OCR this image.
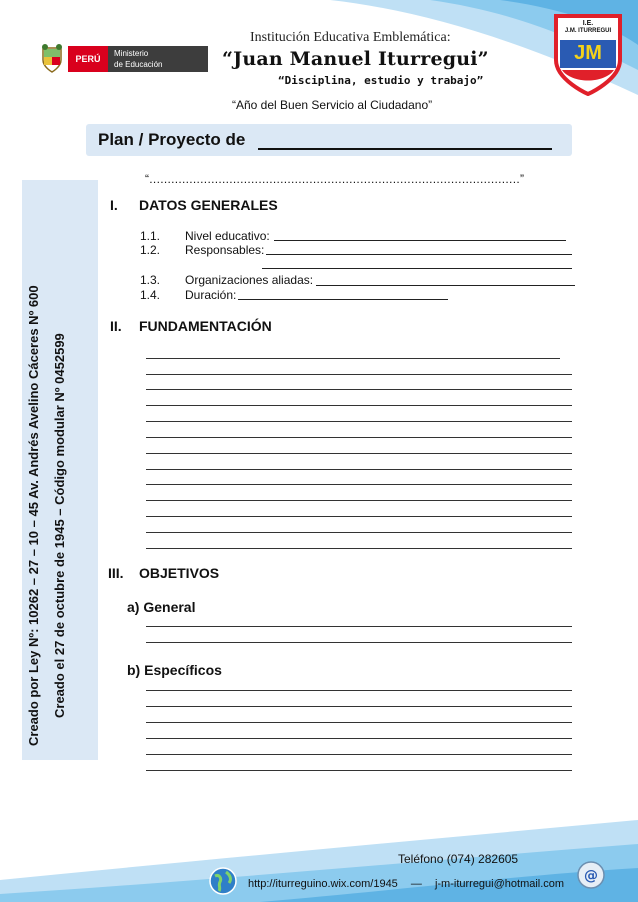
PERÚ
Ministerio
de Educación
Institución Educativa Emblemática:
“Juan Manuel Iturregui”
“Disciplina, estudio y trabajo”
“Año del Buen Servicio al Ciudadano”
I.E.
J.M. ITURREGUI
JM
Plan / Proyecto de
“......................................................................................................”
Creado por Ley Nº: 10262 – 27 – 10 – 45 Av. Andrés Avelino Cáceres Nº 600 Creado el 27 de octubre de 1945 – Código modular Nº 0452599
I. DATOS GENERALES
1.1. Nivel educativo:
1.2. Responsables:
1.3. Organizaciones aliadas:
1.4. Duración:
II. FUNDAMENTACIÓN
III. OBJETIVOS
a) General
b) Específicos
Teléfono (074) 282605
http://iturreguino.wix.com/1945 — j-m-iturregui@hotmail.com @
